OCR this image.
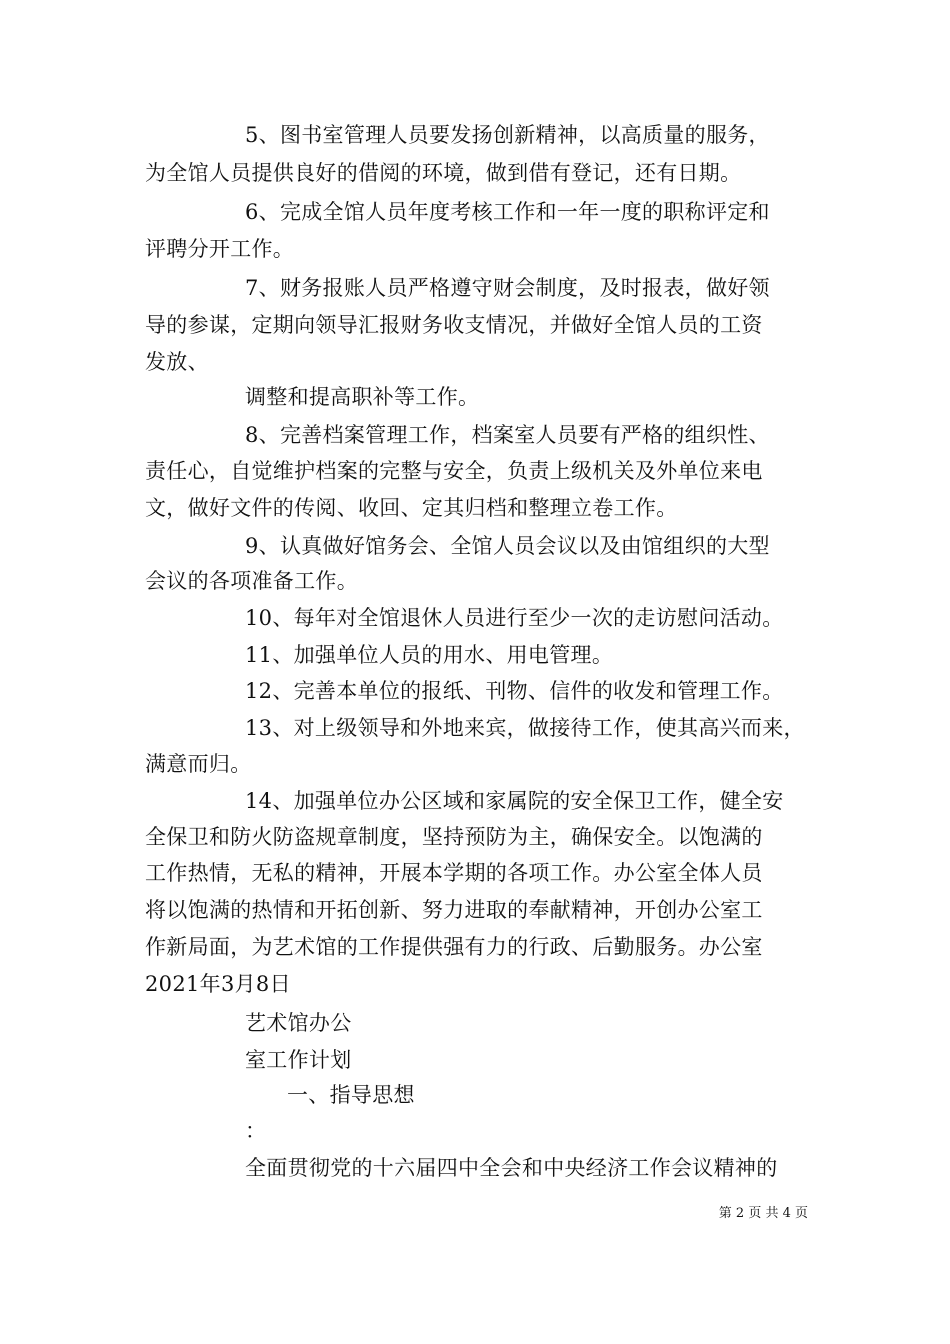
5、图书室管理人员要发扬创新精神，以高质量的服务，
为全馆人员提供良好的借阅的环境，做到借有登记，还有日期。
6、完成全馆人员年度考核工作和一年一度的职称评定和
评聘分开工作。
7、财务报账人员严格遵守财会制度，及时报表，做好领
导的参谋，定期向领导汇报财务收支情况，并做好全馆人员的工资
发放、
调整和提高职补等工作。
8、完善档案管理工作，档案室人员要有严格的组织性、
责任心，自觉维护档案的完整与安全，负责上级机关及外单位来电
文，做好文件的传阅、收回、定其归档和整理立卷工作。
9、认真做好馆务会、全馆人员会议以及由馆组织的大型
会议的各项准备工作。
10、每年对全馆退休人员进行至少一次的走访慰问活动。
11、加强单位人员的用水、用电管理。
12、完善本单位的报纸、刊物、信件的收发和管理工作。
13、对上级领导和外地来宾，做接待工作，使其高兴而来，
满意而归。
14、加强单位办公区域和家属院的安全保卫工作，健全安
全保卫和防火防盗规章制度，坚持预防为主，确保安全。以饱满的
工作热情，无私的精神，开展本学期的各项工作。办公室全体人员
将以饱满的热情和开拓创新、努力进取的奉献精神，开创办公室工
作新局面，为艺术馆的工作提供强有力的行政、后勤服务。办公室
2021年3月8日
艺术馆办公
室工作计划
一、指导思想
：
全面贯彻党的十六届四中全会和中央经济工作会议精神的
第 2 页 共 4 页
